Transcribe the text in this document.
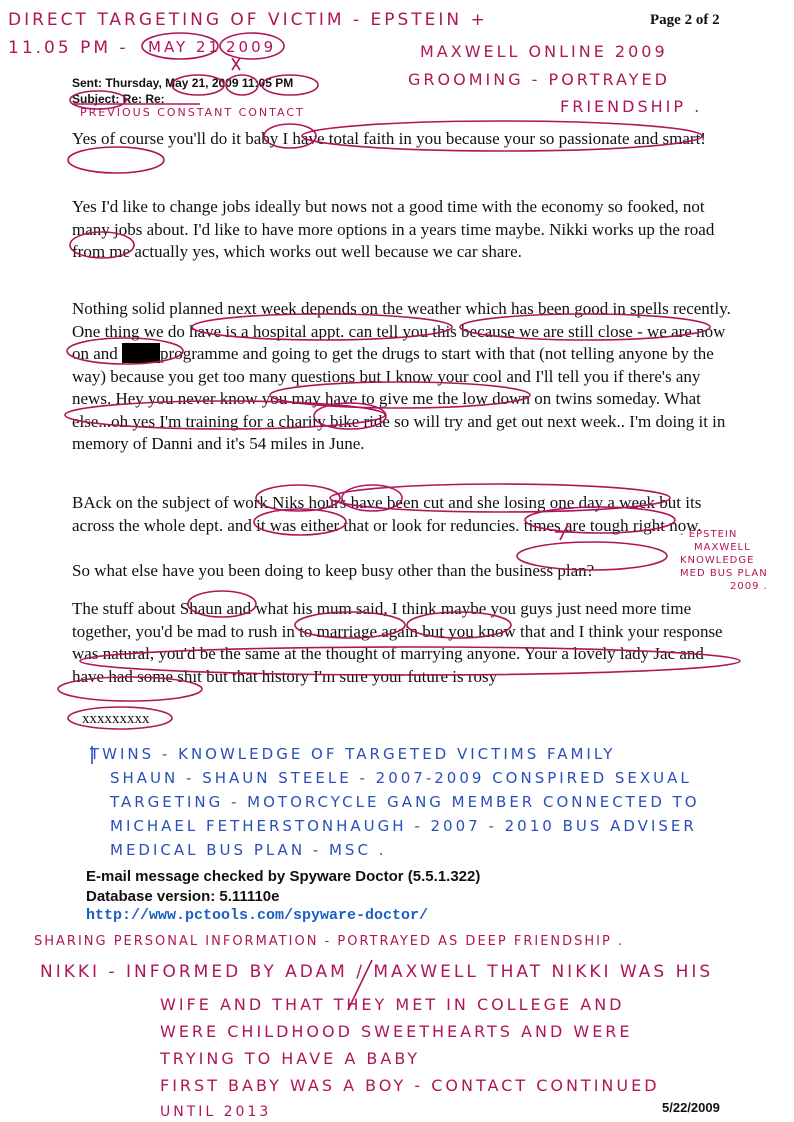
DIRECT TARGETING OF VICTIM - EPSTEIN +
11.05 PM - MAY 21 2009	MAXWELL ONLINE 2009
GROOMING - PORTRAYED
FRIENDSHIP .
Page 2 of 2
Sent: Thursday, May 21, 2009 11:05 PM
Subject: Re: Re:
PREVIOUS CONSTANT CONTACT

Yes of course you'll do it baby I have total faith in you because your so passionate and smart!

Yes I'd like to change jobs ideally but nows not a good time with the economy so fooked, not many jobs about. I'd like to have more options in a years time maybe. Nikki works up the road from me actually yes, which works out well because we car share.

Nothing solid planned next week depends on the weather which has been good in spells recently. One thing we do have is a hospital appt. can tell you this because we are still close - we are now on and programme and going to get the drugs to start with that (not telling anyone by the way) because you get too many questions but I know your cool and I'll tell you if there's any news. Hey you never know you may have to give me the low down on twins someday. What else...oh yes I'm training for a charity bike ride so will try and get out next week.. I'm doing it in memory of Danni and it's 54 miles in June.

BAck on the subject of work Niks hours have been cut and she losing one day a week but its across the whole dept. and it was either that or look for reduncies. times are tough right now.

So what else have you been doing to keep busy other than the business plan?

The stuff about Shaun and what his mum said, I think maybe you guys just need more time together, you'd be mad to rush in to marriage again but you know that and I think your response was natural, you'd be the same at the thought of marrying anyone. Your a lovely lady Jac and have had some shit but that history I'm sure your future is rosy

xxxxxxxxx
- EPSTEIN
MAXWELL
KNOWLEDGE
MED BUS PLAN
2009 .
TWINS - KNOWLEDGE OF TARGETED VICTIMS FAMILY
SHAUN - SHAUN STEELE - 2007-2009 CONSPIRED SEXUAL
TARGETING - MOTORCYCLE GANG MEMBER CONNECTED TO
MICHAEL FETHERSTONHAUGH - 2007 - 2010 BUS ADVISER
MEDICAL BUS PLAN - MSC .
E-mail message checked by Spyware Doctor (5.5.1.322)
Database version: 5.11110e
http://www.pctools.com/spyware-doctor/
SHARING PERSONAL INFORMATION - PORTRAYED AS DEEP FRIENDSHIP .
NIKKI - INFORMED BY ADAM / MAXWELL THAT NIKKI WAS HIS
WIFE AND THAT THEY MET IN COLLEGE AND
WERE CHILDHOOD SWEETHEARTS AND WERE
TRYING TO HAVE A BABY
FIRST BABY WAS A BOY - CONTACT CONTINUED
UNTIL 2013	5/22/2009
